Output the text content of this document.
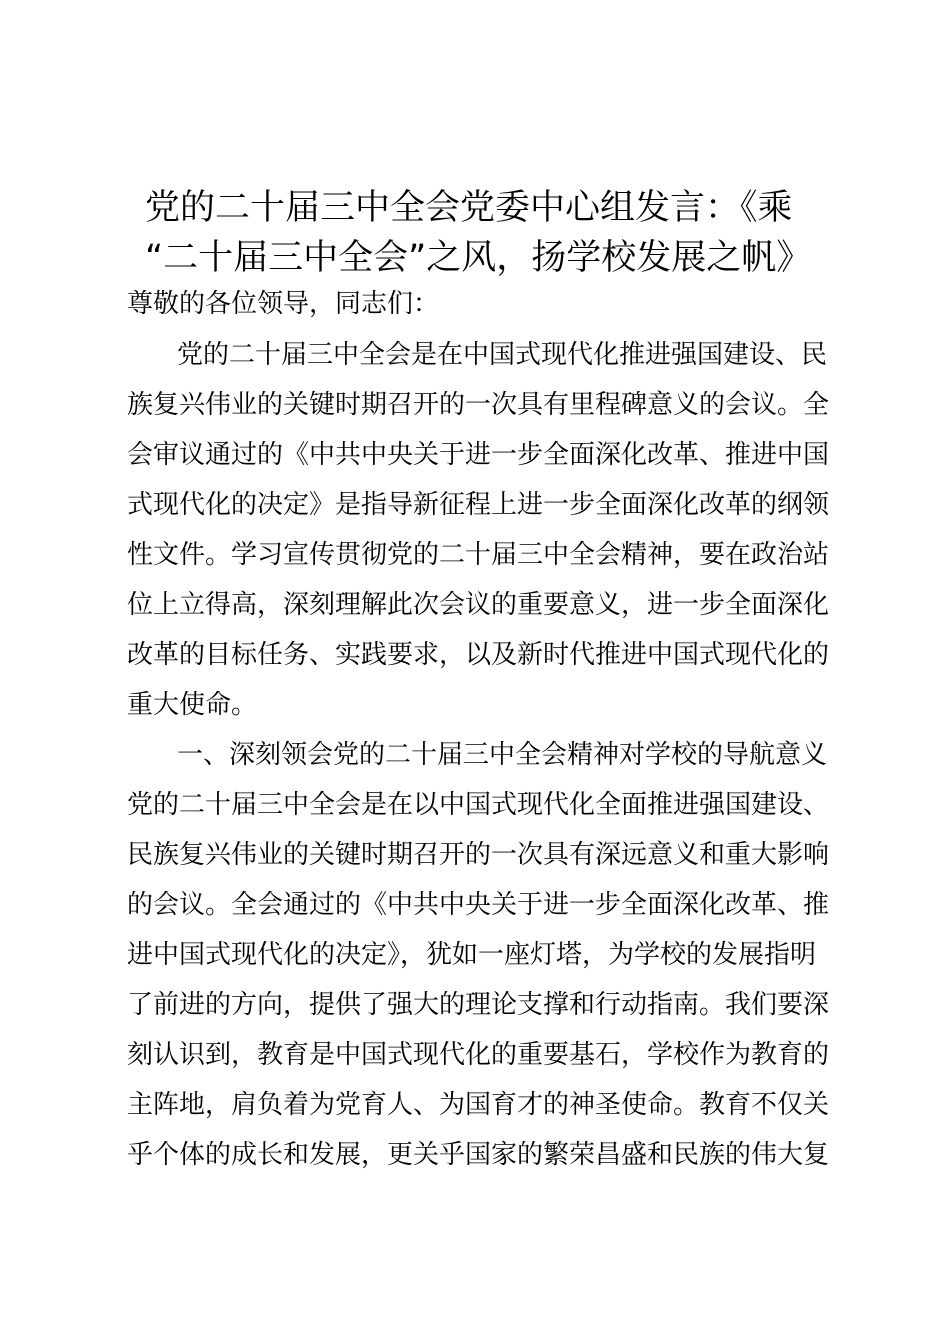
党的二十届三中全会党委中心组发言：《乘
“二十届三中全会”之风，扬学校发展之帆》
尊敬的各位领导，同志们：
党的二十届三中全会是在中国式现代化推进强国建设、民
族复兴伟业的关键时期召开的一次具有里程碑意义的会议。全
会审议通过的《中共中央关于进一步全面深化改革、推进中国
式现代化的决定》是指导新征程上进一步全面深化改革的纲领
性文件。学习宣传贯彻党的二十届三中全会精神，要在政治站
位上立得高，深刻理解此次会议的重要意义，进一步全面深化
改革的目标任务、实践要求，以及新时代推进中国式现代化的
重大使命。
一、深刻领会党的二十届三中全会精神对学校的导航意义
党的二十届三中全会是在以中国式现代化全面推进强国建设、
民族复兴伟业的关键时期召开的一次具有深远意义和重大影响
的会议。全会通过的《中共中央关于进一步全面深化改革、推
进中国式现代化的决定》，犹如一座灯塔，为学校的发展指明
了前进的方向，提供了强大的理论支撑和行动指南。我们要深
刻认识到，教育是中国式现代化的重要基石，学校作为教育的
主阵地，肩负着为党育人、为国育才的神圣使命。教育不仅关
乎个体的成长和发展，更关乎国家的繁荣昌盛和民族的伟大复
